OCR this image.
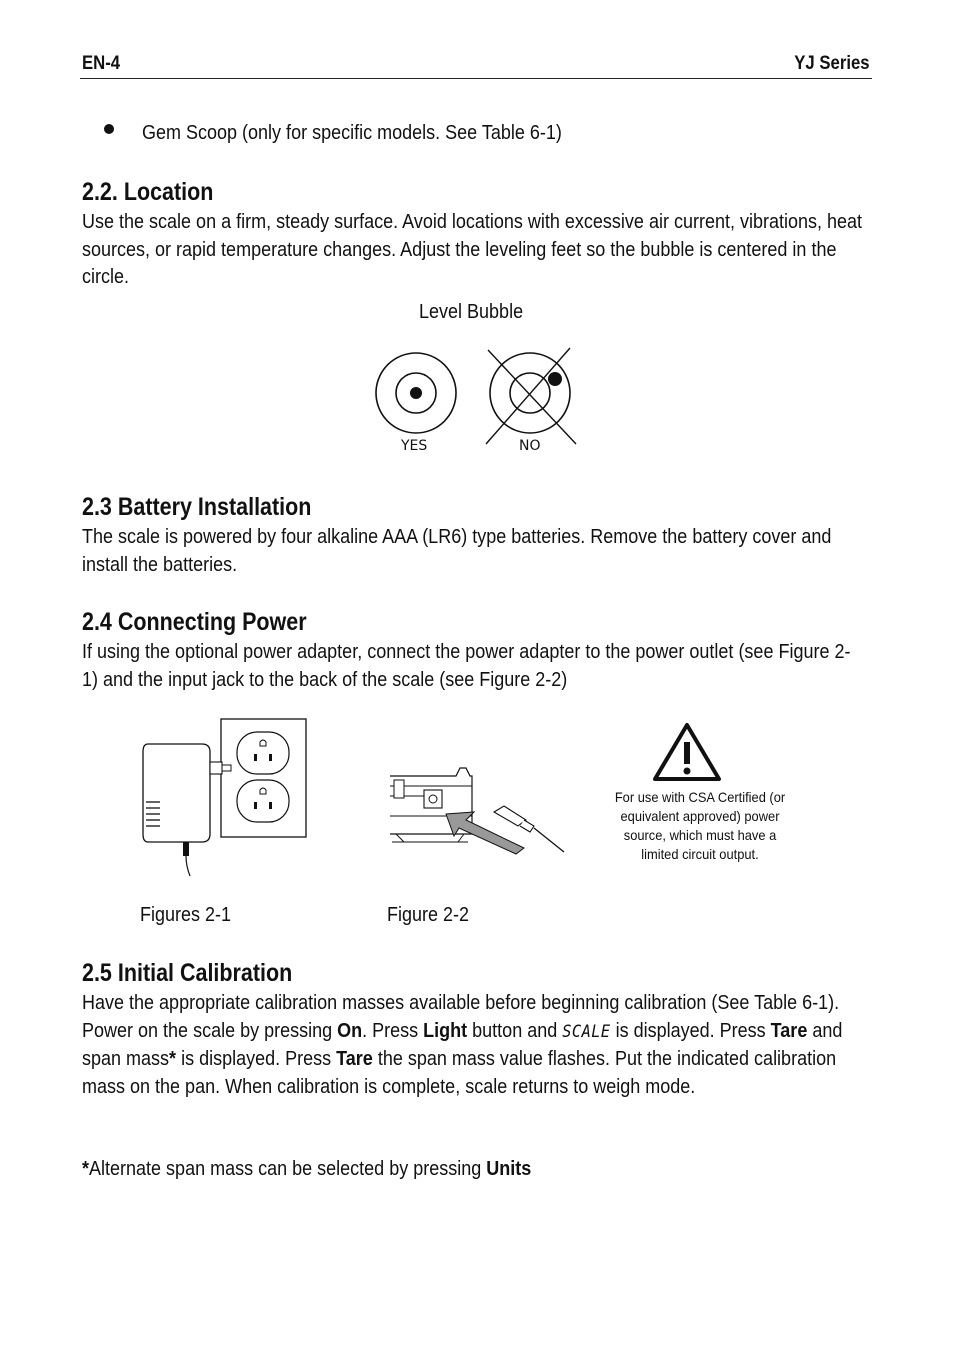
EN-4	YJ Series
Gem Scoop (only for specific models. See Table 6-1)
2.2. Location
Use the scale on a firm, steady surface. Avoid locations with excessive air current, vibrations, heat sources, or rapid temperature changes. Adjust the leveling feet so the bubble is centered in the circle.
Level Bubble
YES	NO
2.3 Battery Installation
The scale is powered by four alkaline AAA (LR6) type batteries. Remove the battery cover and install the batteries.
2.4 Connecting Power
If using the optional power adapter, connect the power adapter to the power outlet (see Figure 2-1) and the input jack to the back of the scale (see Figure 2-2)
For use with CSA Certified (or equivalent approved) power source, which must have a limited circuit output.
Figures 2-1	Figure 2-2
2.5 Initial Calibration
Have the appropriate calibration masses available before beginning calibration (See Table 6-1). Power on the scale by pressing On. Press Light button and SCALE is displayed. Press Tare and span mass* is displayed. Press Tare the span mass value flashes. Put the indicated calibration mass on the pan. When calibration is complete, scale returns to weigh mode.
*Alternate span mass can be selected by pressing Units
